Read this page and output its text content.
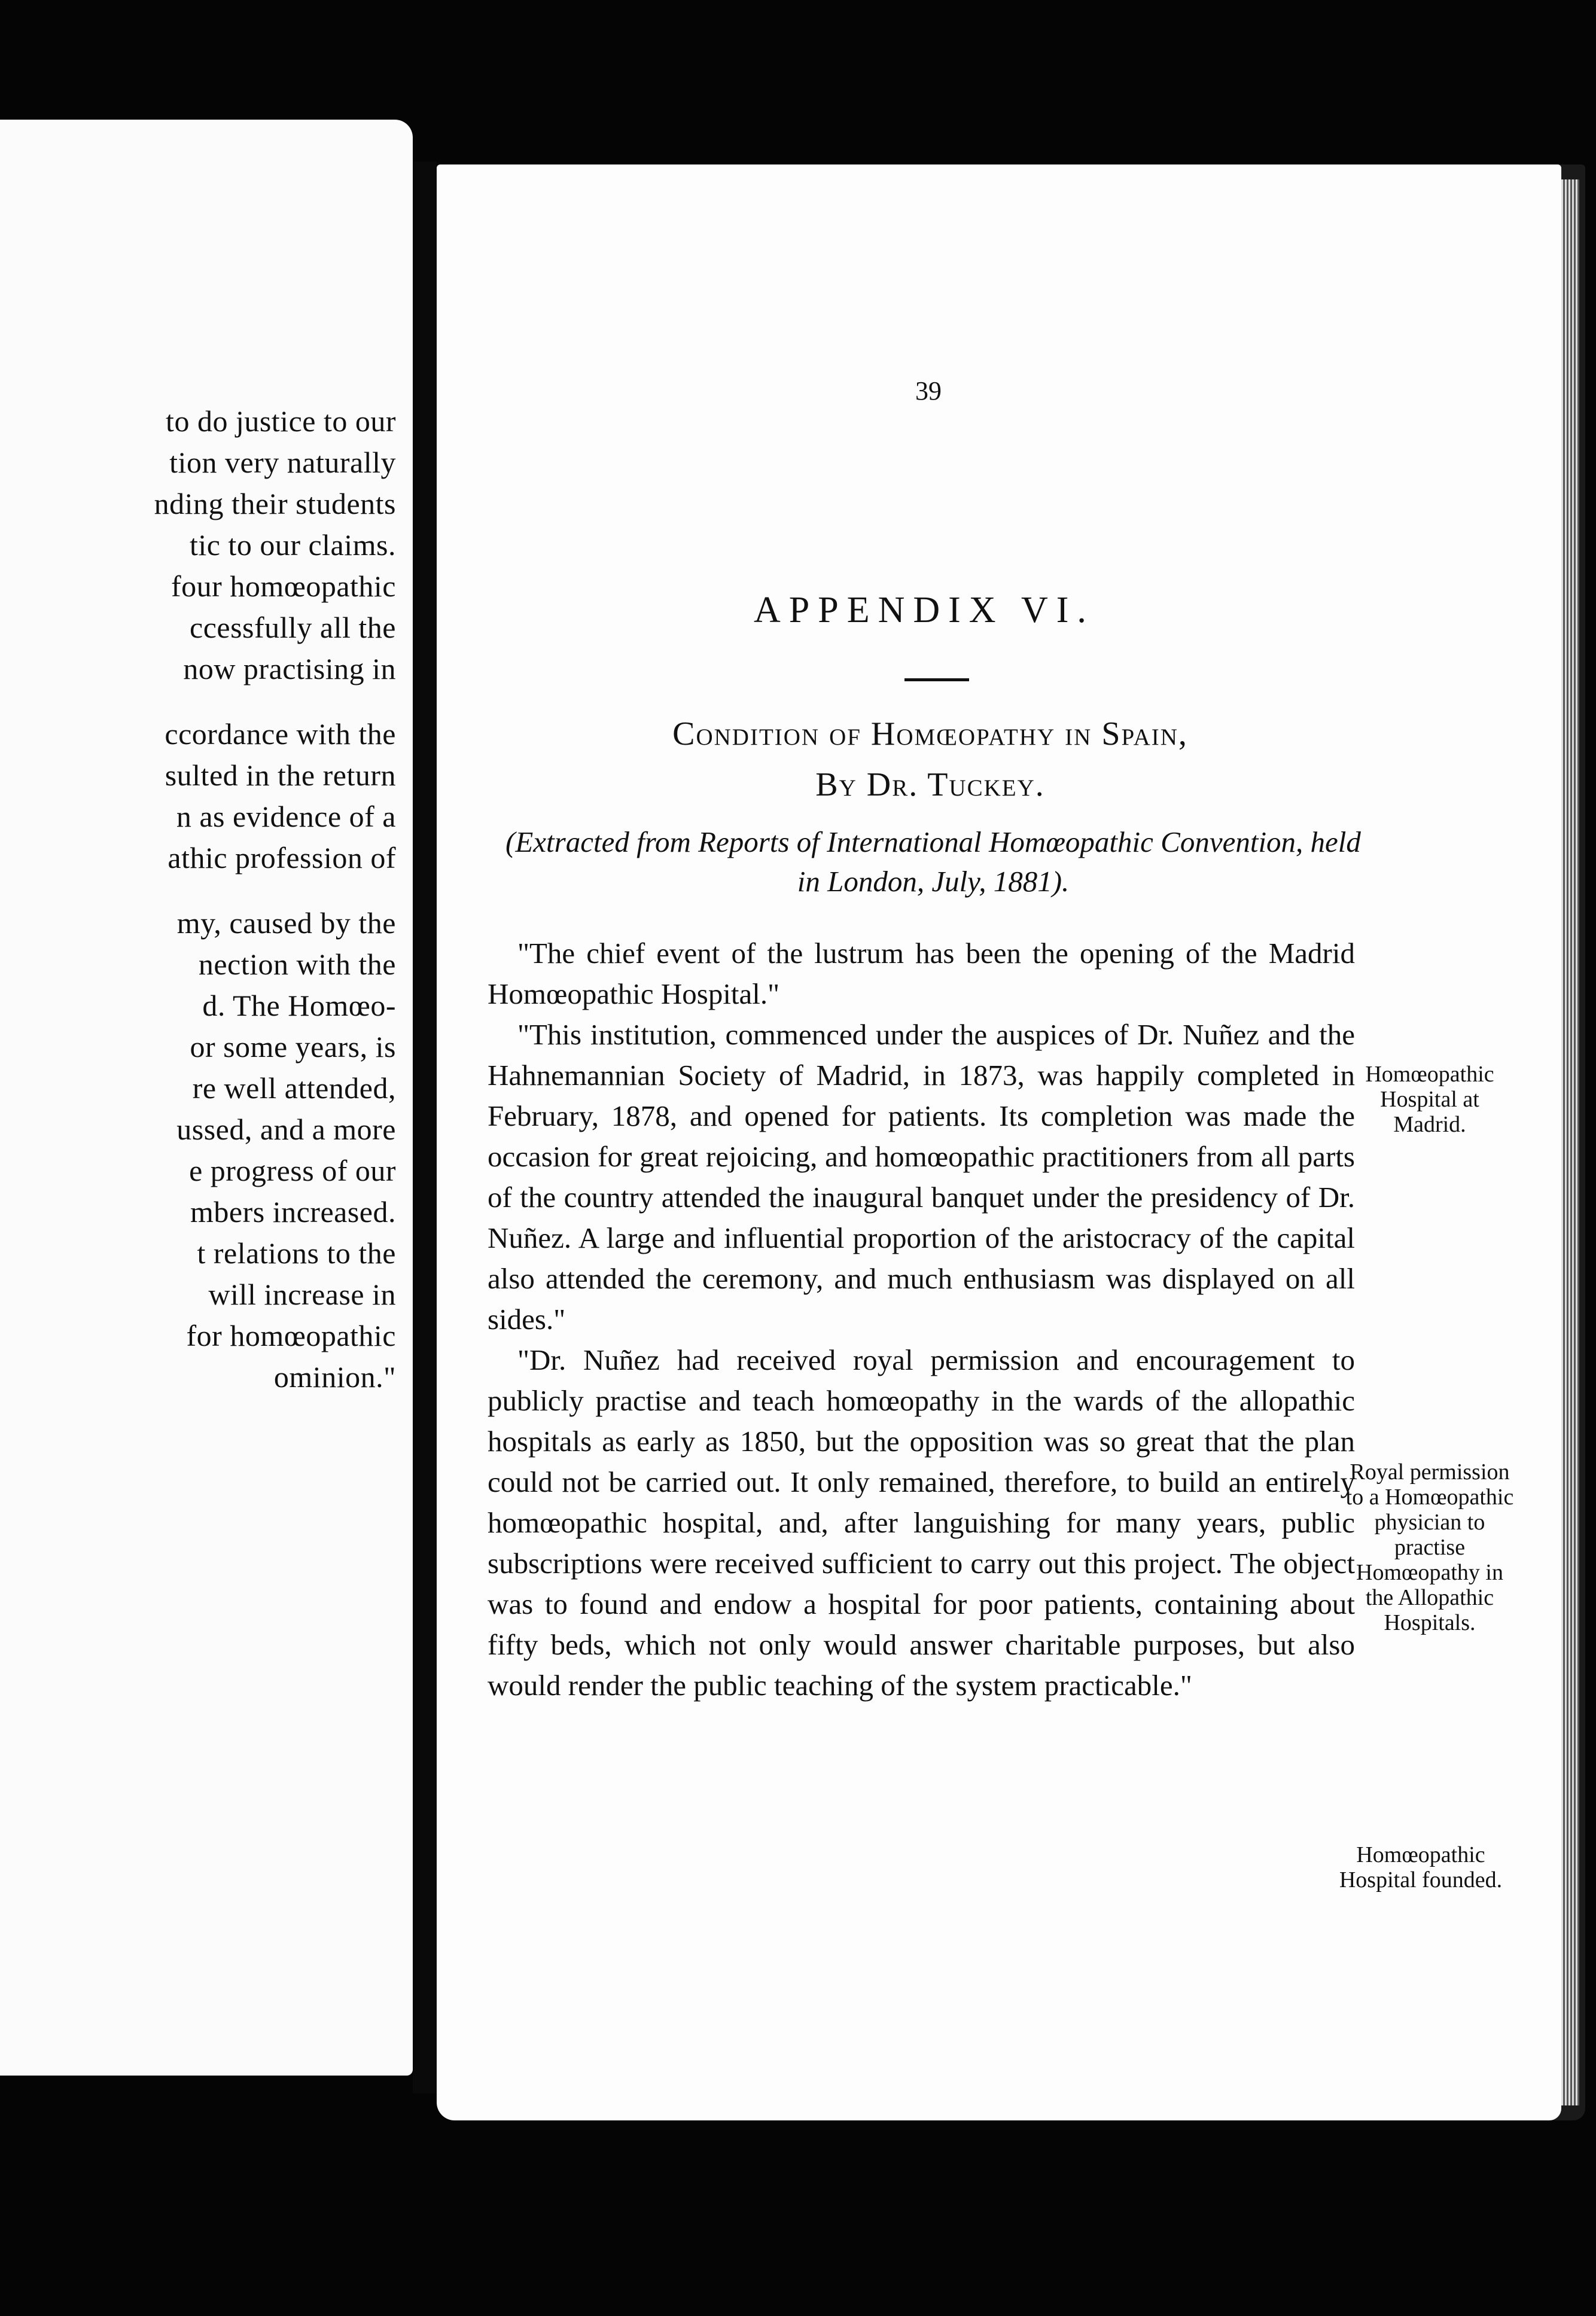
to do justice to our
tion very naturally
nding their students
tic to our claims.
four homœopathic
ccessfully all the
now practising in
ccordance with the
sulted in the return
n as evidence of a
athic profession of
my, caused by the
nection with the
d. The Homœo-
or some years, is
re well attended,
ussed, and a more
e progress of our
mbers increased.
t relations to the
will increase in
for homœopathic
ominion."
39
APPENDIX VI.
Condition of Homœopathy in Spain,
By Dr. Tuckey.
(Extracted from Reports of International Homœopathic Convention, held in London, July, 1881).

"The chief event of the lustrum has been the opening of the Madrid Homœopathic Hospital."

"This institution, commenced under the auspices of Dr. Nuñez and the Hahnemannian Society of Madrid, in 1873, was happily completed in February, 1878, and opened for patients. Its completion was made the occasion for great rejoicing, and homœopathic practitioners from all parts of the country attended the inaugural banquet under the presidency of Dr. Nuñez. A large and influential proportion of the aristocracy of the capital also attended the ceremony, and much enthusiasm was displayed on all sides."

"Dr. Nuñez had received royal permission and encouragement to publicly practise and teach homœopathy in the wards of the allopathic hospitals as early as 1850, but the opposition was so great that the plan could not be carried out. It only remained, therefore, to build an entirely homœopathic hospital, and, after languishing for many years, public subscriptions were received sufficient to carry out this project. The object was to found and endow a hospital for poor patients, containing about fifty beds, which not only would answer charitable purposes, but also would render the public teaching of the system practicable."

Homœopathic Hospital at Madrid.
Royal permission to a Homœopathic physician to practise Homœopathy in the Allopathic Hospitals.
Homœopathic Hospital founded.
